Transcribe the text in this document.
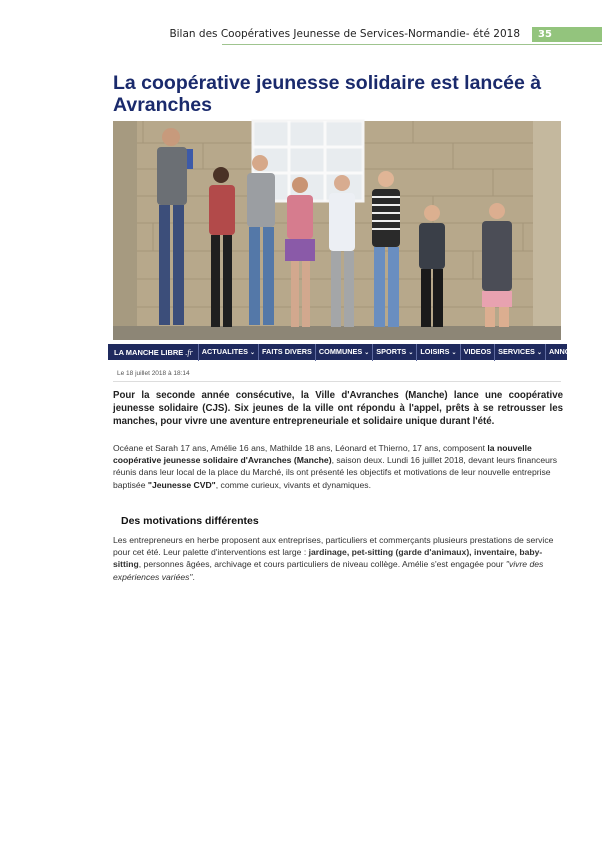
Bilan des Coopératives Jeunesse de Services-Normandie- été 2018	35
La coopérative jeunesse solidaire est lancée à Avranches
LA MANCHE LIBRE .fr	ACTUALITES ⌄ FAITS DIVERS COMMUNES ⌄ SPORTS ⌄ LOISIRS ⌄ VIDEOS SERVICES ⌄ ANNON
Le 18 juillet 2018 à 18:14

Pour la seconde année consécutive, la Ville d'Avranches (Manche) lance une coopérative jeunesse solidaire (CJS). Six jeunes de la ville ont répondu à l'appel, prêts à se retrousser les manches, pour vivre une aventure entrepreneuriale et solidaire unique durant l'été.

Océane et Sarah 17 ans, Amélie 16 ans, Mathilde 18 ans, Léonard et Thierno, 17 ans, composent la nouvelle coopérative jeunesse solidaire d'Avranches (Manche), saison deux. Lundi 16 juillet 2018, devant leurs financeurs réunis dans leur local de la place du Marché, ils ont présenté les objectifs et motivations de leur nouvelle entreprise baptisée "Jeunesse CVD", comme curieux, vivants et dynamiques.

Des motivations différentes

Les entrepreneurs en herbe proposent aux entreprises, particuliers et commerçants plusieurs prestations de service pour cet été. Leur palette d'interventions est large : jardinage, pet-sitting (garde d'animaux), inventaire, baby-sitting, personnes âgées, archivage et cours particuliers de niveau collège. Amélie s'est engagée pour "vivre des expériences variées".
